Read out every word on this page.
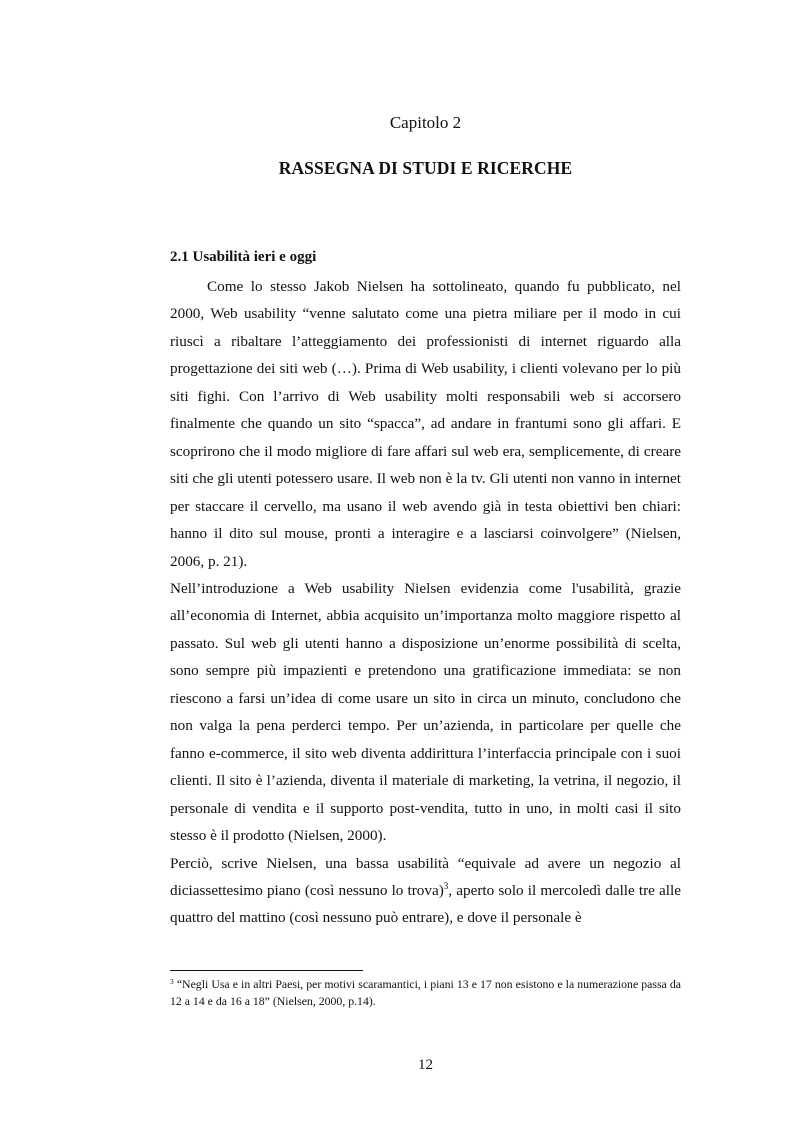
Capitolo 2
RASSEGNA DI STUDI E RICERCHE
2.1 Usabilità ieri e oggi

Come lo stesso Jakob Nielsen ha sottolineato, quando fu pubblicato, nel 2000, Web usability “venne salutato come una pietra miliare per il modo in cui riuscì a ribaltare l’atteggiamento dei professionisti di internet riguardo alla progettazione dei siti web (…). Prima di Web usability, i clienti volevano per lo più siti fighi. Con l’arrivo di Web usability molti responsabili web si accorsero finalmente che quando un sito “spacca”, ad andare in frantumi sono gli affari. E scoprirono che il modo migliore di fare affari sul web era, semplicemente, di creare siti che gli utenti potessero usare. Il web non è la tv. Gli utenti non vanno in internet per staccare il cervello, ma usano il web avendo già in testa obiettivi ben chiari: hanno il dito sul mouse, pronti a interagire e a lasciarsi coinvolgere” (Nielsen, 2006, p. 21).

Nell’introduzione a Web usability Nielsen evidenzia come l'usabilità, grazie all’economia di Internet, abbia acquisito un’importanza molto maggiore rispetto al passato. Sul web gli utenti hanno a disposizione un’enorme possibilità di scelta, sono sempre più impazienti e pretendono una gratificazione immediata: se non riescono a farsi un’idea di come usare un sito in circa un minuto, concludono che non valga la pena perderci tempo. Per un’azienda, in particolare per quelle che fanno e-commerce, il sito web diventa addirittura l’interfaccia principale con i suoi clienti. Il sito è l’azienda, diventa il materiale di marketing, la vetrina, il negozio, il personale di vendita e il supporto post-vendita, tutto in uno, in molti casi il sito stesso è il prodotto (Nielsen, 2000).

Perciò, scrive Nielsen, una bassa usabilità “equivale ad avere un negozio al diciassettesimo piano (così nessuno lo trova)$^3$, aperto solo il mercoledì dalle tre alle quattro del mattino (così nessuno può entrare), e dove il personale è

$^3$ “Negli Usa e in altri Paesi, per motivi scaramantici, i piani 13 e 17 non esistono e la numerazione passa da 12 a 14 e da 16 a 18” (Nielsen, 2000, p.14).
12
